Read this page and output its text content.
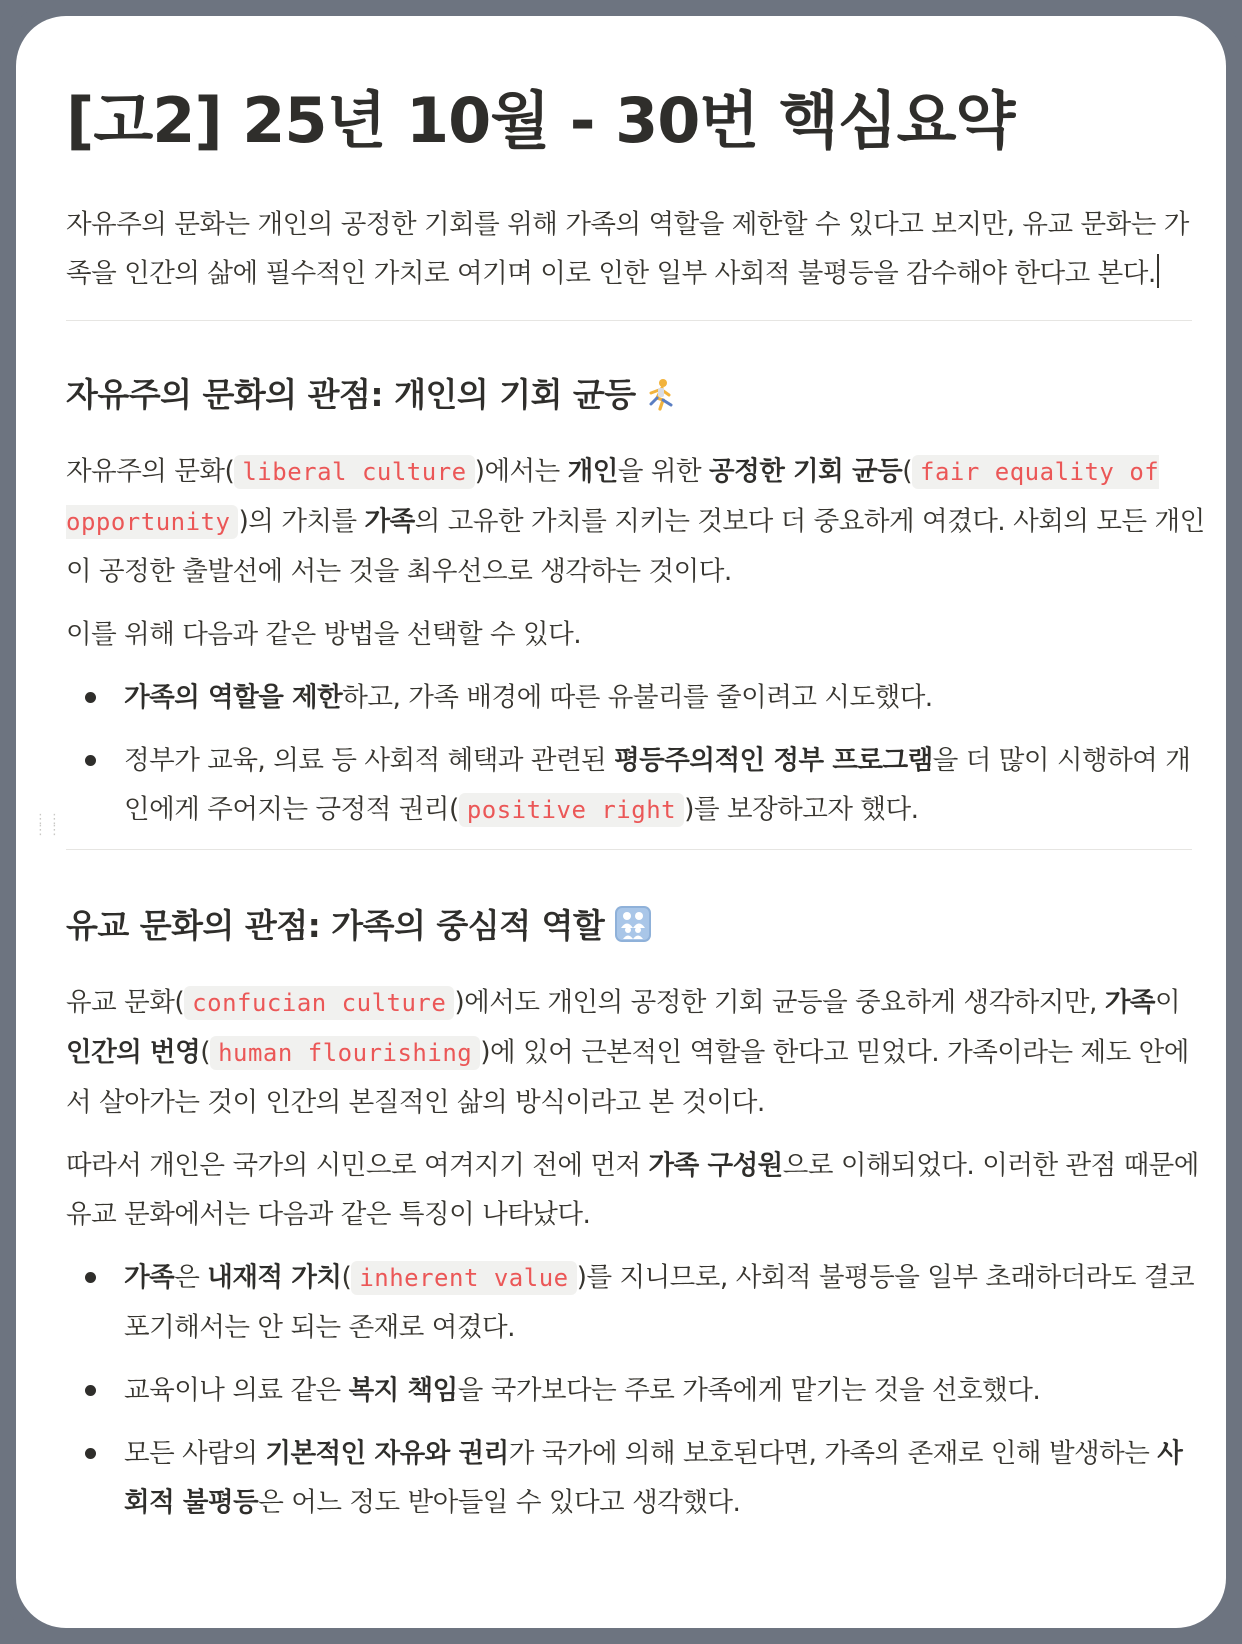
⋮⋮
⋮⋮
[고2] 25년 10월 - 30번 핵심요약

자유주의 문화는 개인의 공정한 기회를 위해 가족의 역할을 제한할 수 있다고 보지만, 유교 문화는 가족을 인간의 삶에 필수적인 가치로 여기며 이로 인한 일부 사회적 불평등을 감수해야 한다고 본다.

자유주의 문화의 관점: 개인의 기회 균등

자유주의 문화( liberal culture )에서는 개인을 위한 공정한 기회 균등( fair equality of opportunity )의 가치를 가족의 고유한 가치를 지키는 것보다 더 중요하게 여겼다. 사회의 모든 개인이 공정한 출발선에 서는 것을 최우선으로 생각하는 것이다.

이를 위해 다음과 같은 방법을 선택할 수 있다.

가족의 역할을 제한하고, 가족 배경에 따른 유불리를 줄이려고 시도했다.
정부가 교육, 의료 등 사회적 혜택과 관련된 평등주의적인 정부 프로그램을 더 많이 시행하여 개인에게 주어지는 긍정적 권리( positive right )를 보장하고자 했다.
유교 문화의 관점: 가족의 중심적 역할

유교 문화( confucian culture )에서도 개인의 공정한 기회 균등을 중요하게 생각하지만, 가족이 인간의 번영( human flourishing )에 있어 근본적인 역할을 한다고 믿었다. 가족이라는 제도 안에서 살아가는 것이 인간의 본질적인 삶의 방식이라고 본 것이다.

따라서 개인은 국가의 시민으로 여겨지기 전에 먼저 가족 구성원으로 이해되었다. 이러한 관점 때문에 유교 문화에서는 다음과 같은 특징이 나타났다.

가족은 내재적 가치( inherent value )를 지니므로, 사회적 불평등을 일부 초래하더라도 결코 포기해서는 안 되는 존재로 여겼다.
교육이나 의료 같은 복지 책임을 국가보다는 주로 가족에게 맡기는 것을 선호했다.
모든 사람의 기본적인 자유와 권리가 국가에 의해 보호된다면, 가족의 존재로 인해 발생하는 사회적 불평등은 어느 정도 받아들일 수 있다고 생각했다.
